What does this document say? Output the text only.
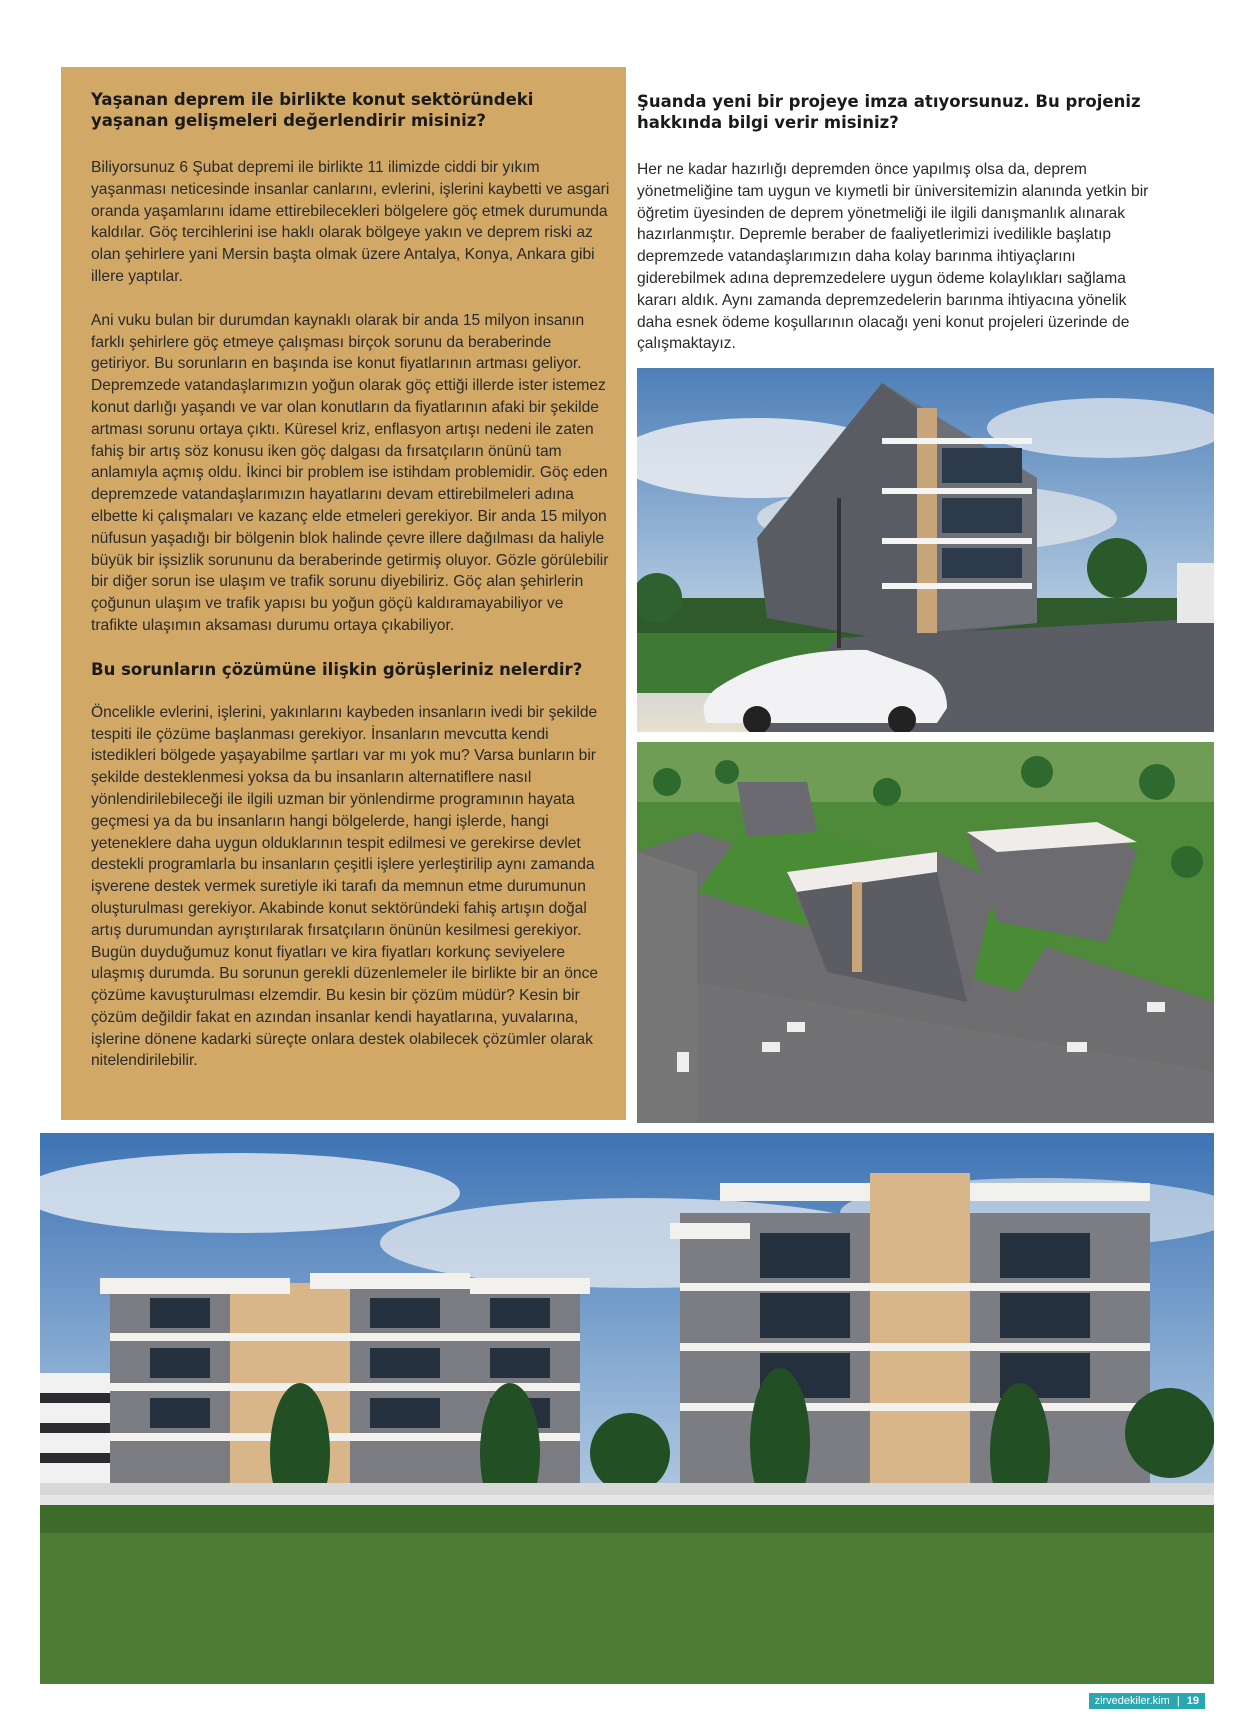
Yaşanan deprem ile birlikte konut sektöründeki yaşanan gelişmeleri değerlendirir misiniz?

Biliyorsunuz 6 Şubat depremi ile birlikte 11 ilimizde ciddi bir yıkım yaşanması neticesinde insanlar canlarını, evlerini, işlerini kaybetti ve asgari oranda yaşamlarını idame ettirebilecekleri bölgelere göç etmek durumunda kaldılar. Göç tercihlerini ise haklı olarak bölgeye yakın ve deprem riski az olan şehirlere yani Mersin başta olmak üzere Antalya, Konya, Ankara gibi illere yaptılar.

Ani vuku bulan bir durumdan kaynaklı olarak bir anda 15 milyon insanın farklı şehirlere göç etmeye çalışması birçok sorunu da beraberinde getiriyor. Bu sorunların en başında ise konut fiyatlarının artması geliyor. Depremzede vatandaşlarımızın yoğun olarak göç ettiği illerde ister istemez konut darlığı yaşandı ve var olan konutların da fiyatlarının afaki bir şekilde artması sorunu ortaya çıktı. Küresel kriz, enflasyon artışı nedeni ile zaten fahiş bir artış söz konusu iken göç dalgası da fırsatçıların önünü tam anlamıyla açmış oldu. İkinci bir problem ise istihdam problemidir. Göç eden depremzede vatandaşlarımızın hayatlarını devam ettirebilmeleri adına elbette ki çalışmaları ve kazanç elde etmeleri gerekiyor. Bir anda 15 milyon nüfusun yaşadığı bir bölgenin blok halinde çevre illere dağılması da haliyle büyük bir işsizlik sorununu da beraberinde getirmiş oluyor. Gözle görülebilir bir diğer sorun ise ulaşım ve trafik sorunu diyebiliriz. Göç alan şehirlerin çoğunun ulaşım ve trafik yapısı bu yoğun göçü kaldıramayabiliyor ve trafikte ulaşımın aksaması durumu ortaya çıkabiliyor.

Bu sorunların çözümüne ilişkin görüşleriniz nelerdir?

Öncelikle evlerini, işlerini, yakınlarını kaybeden insanların ivedi bir şekilde tespiti ile çözüme başlanması gerekiyor. İnsanların mevcutta kendi istedikleri bölgede yaşayabilme şartları var mı yok mu? Varsa bunların bir şekilde desteklenmesi yoksa da bu insanların alternatiflere nasıl yönlendirilebileceği ile ilgili uzman bir yönlendirme programının hayata geçmesi ya da bu insanların hangi bölgelerde, hangi işlerde, hangi yeteneklere daha uygun olduklarının tespit edilmesi ve gerekirse devlet destekli programlarla bu insanların çeşitli işlere yerleştirilip aynı zamanda işverene destek vermek suretiyle iki tarafı da memnun etme durumunun oluşturulması gerekiyor. Akabinde konut sektöründeki fahiş artışın doğal artış durumundan ayrıştırılarak fırsatçıların önünün kesilmesi gerekiyor. Bugün duyduğumuz konut fiyatları ve kira fiyatları korkunç seviyelere ulaşmış durumda. Bu sorunun gerekli düzenlemeler ile birlikte bir an önce çözüme kavuşturulması elzemdir. Bu kesin bir çözüm müdür? Kesin bir çözüm değildir fakat en azından insanlar kendi hayatlarına, yuvalarına, işlerine dönene kadarki süreçte onlara destek olabilecek çözümler olarak nitelendirilebilir.

Şuanda yeni bir projeye imza atıyorsunuz. Bu projeniz hakkında bilgi verir misiniz?

Her ne kadar hazırlığı depremden önce yapılmış olsa da, deprem yönetmeliğine tam uygun ve kıymetli bir üniversitemizin alanında yetkin bir öğretim üyesinden de deprem yönetmeliği ile ilgili danışmanlık alınarak hazırlanmıştır. Depremle beraber de faaliyetlerimizi ivedilikle başlatıp depremzede vatandaşlarımızın daha kolay barınma ihtiyaçlarını giderebilmek adına depremzedelere uygun ödeme kolaylıkları sağlama kararı aldık. Aynı zamanda depremzedelerin barınma ihtiyacına yönelik daha esnek ödeme koşullarının olacağı yeni konut projeleri üzerinde de çalışmaktayız.

zirvedekiler.kim | 19
